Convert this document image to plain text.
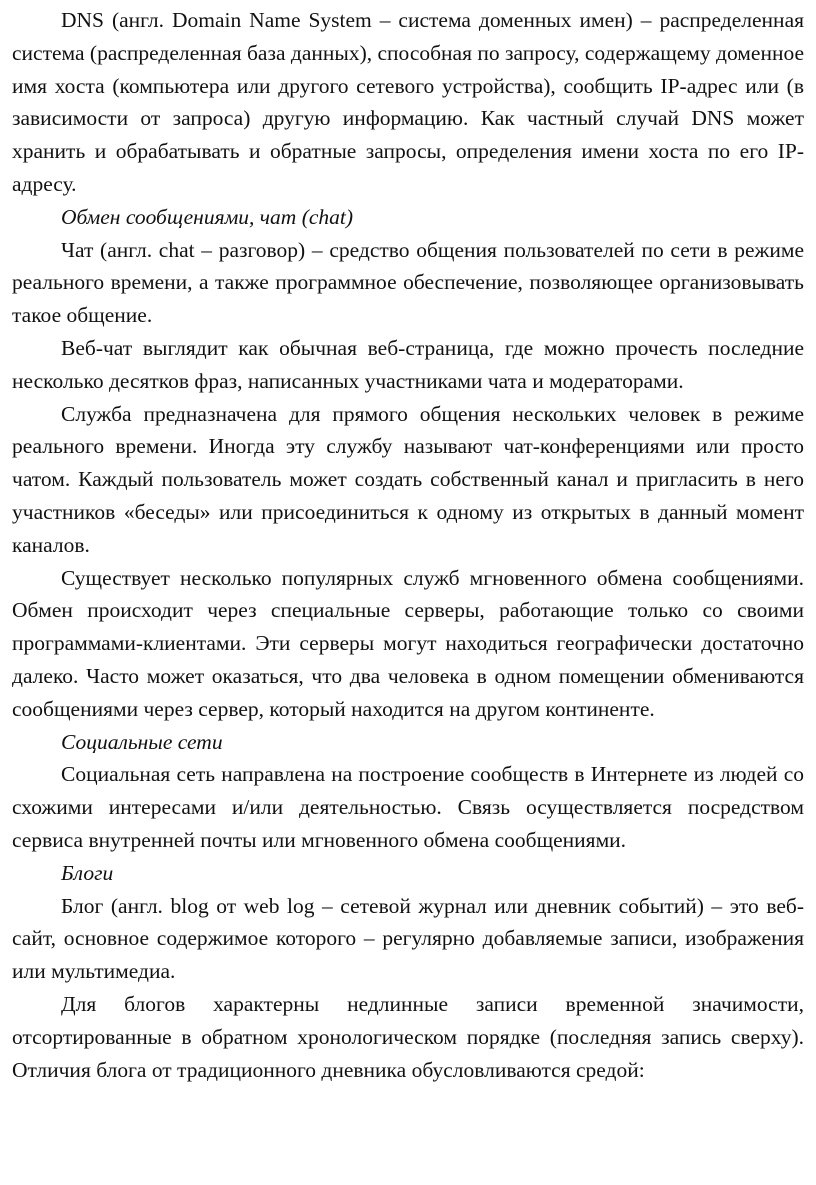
DNS (англ. Domain Name System – система доменных имен) – распределенная система (распределенная база данных), способная по запросу, содержащему доменное имя хоста (компьютера или другого сетевого устройства), сообщить IP-адрес или (в зависимости от запроса) другую информацию. Как частный случай DNS может хранить и обрабатывать и обратные запросы, определения имени хоста по его IP- адресу.

Обмен сообщениями, чат (chat)

Чат (англ. chat – разговор) – средство общения пользователей по сети в режиме реального времени, а также программное обеспечение, позволяющее организовывать такое общение.

Веб-чат выглядит как обычная веб-страница, где можно прочесть последние несколько десятков фраз, написанных участниками чата и модераторами.

Служба предназначена для прямого общения нескольких человек в режиме реального времени. Иногда эту службу называют чат-конференциями или просто чатом. Каждый пользователь может создать собственный канал и пригласить в него участников «беседы» или присоединиться к одному из открытых в данный момент каналов.

Существует несколько популярных служб мгновенного обмена сообщениями. Обмен происходит через специальные серверы, работающие только со своими программами-клиентами. Эти серверы могут находиться географически достаточно далеко. Часто может оказаться, что два человека в одном помещении обмениваются сообщениями через сервер, который находится на другом континенте.

Социальные сети

Социальная сеть направлена на построение сообществ в Интернете из людей со схожими интересами и/или деятельностью. Связь осуществляется посредством сервиса внутренней почты или мгновенного обмена сообщениями.

Блоги

Блог (англ. blog от web log – сетевой журнал или дневник событий) – это веб-сайт, основное содержимое которого – регулярно добавляемые записи, изображения или мультимедиа.

Для блогов характерны недлинные записи временной значимости, отсортированные в обратном хронологическом порядке (последняя запись сверху). Отличия блога от традиционного дневника обусловливаются средой:
